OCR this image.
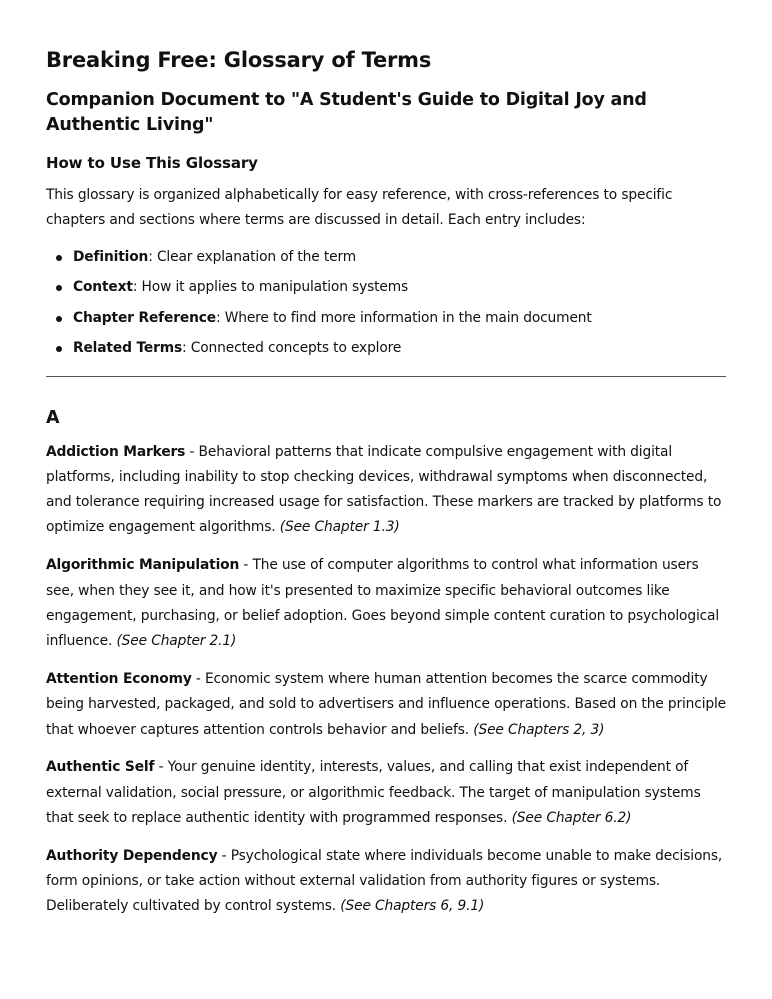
Breaking Free: Glossary of Terms
Companion Document to "A Student's Guide to Digital Joy and Authentic Living"
How to Use This Glossary

This glossary is organized alphabetically for easy reference, with cross-references to specific chapters and sections where terms are discussed in detail. Each entry includes:

Definition: Clear explanation of the term
Context: How it applies to manipulation systems
Chapter Reference: Where to find more information in the main document
Related Terms: Connected concepts to explore
A

Addiction Markers - Behavioral patterns that indicate compulsive engagement with digital platforms, including inability to stop checking devices, withdrawal symptoms when disconnected, and tolerance requiring increased usage for satisfaction. These markers are tracked by platforms to optimize engagement algorithms. (See Chapter 1.3)

Algorithmic Manipulation - The use of computer algorithms to control what information users see, when they see it, and how it's presented to maximize specific behavioral outcomes like engagement, purchasing, or belief adoption. Goes beyond simple content curation to psychological influence. (See Chapter 2.1)

Attention Economy - Economic system where human attention becomes the scarce commodity being harvested, packaged, and sold to advertisers and influence operations. Based on the principle that whoever captures attention controls behavior and beliefs. (See Chapters 2, 3)

Authentic Self - Your genuine identity, interests, values, and calling that exist independent of external validation, social pressure, or algorithmic feedback. The target of manipulation systems that seek to replace authentic identity with programmed responses. (See Chapter 6.2)

Authority Dependency - Psychological state where individuals become unable to make decisions, form opinions, or take action without external validation from authority figures or systems. Deliberately cultivated by control systems. (See Chapters 6, 9.1)
